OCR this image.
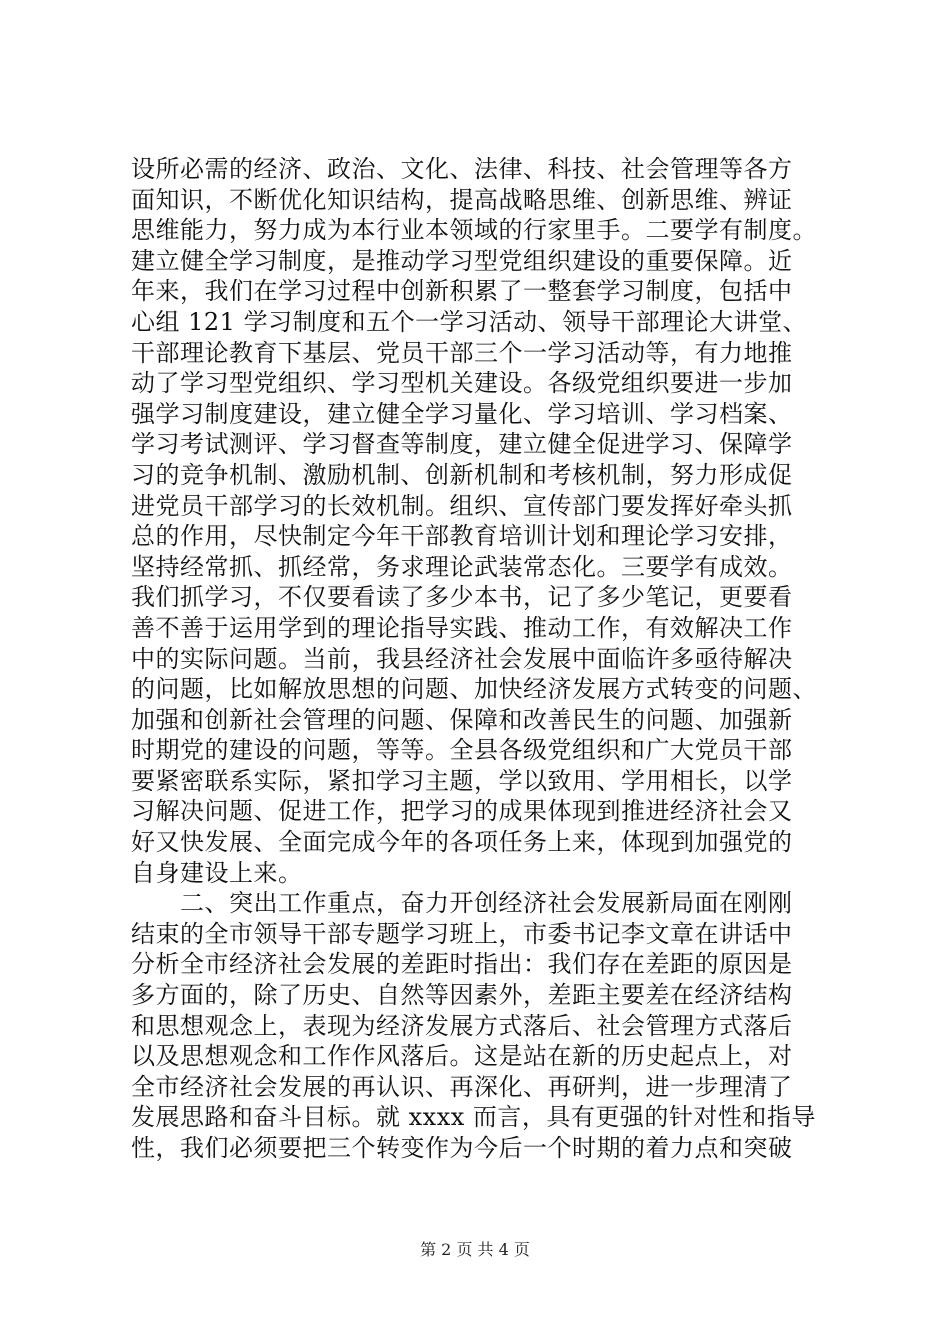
设所必需的经济、政治、文化、法律、科技、社会管理等各方
面知识，不断优化知识结构，提高战略思维、创新思维、辨证
思维能力，努力成为本行业本领域的行家里手。二要学有制度。
建立健全学习制度，是推动学习型党组织建设的重要保障。近
年来，我们在学习过程中创新积累了一整套学习制度，包括中
心组 121 学习制度和五个一学习活动、领导干部理论大讲堂、
干部理论教育下基层、党员干部三个一学习活动等，有力地推
动了学习型党组织、学习型机关建设。各级党组织要进一步加
强学习制度建设，建立健全学习量化、学习培训、学习档案、
学习考试测评、学习督查等制度，建立健全促进学习、保障学
习的竞争机制、激励机制、创新机制和考核机制，努力形成促
进党员干部学习的长效机制。组织、宣传部门要发挥好牵头抓
总的作用，尽快制定今年干部教育培训计划和理论学习安排，
坚持经常抓、抓经常，务求理论武装常态化。三要学有成效。
我们抓学习，不仅要看读了多少本书，记了多少笔记，更要看
善不善于运用学到的理论指导实践、推动工作，有效解决工作
中的实际问题。当前，我县经济社会发展中面临许多亟待解决
的问题，比如解放思想的问题、加快经济发展方式转变的问题、
加强和创新社会管理的问题、保障和改善民生的问题、加强新
时期党的建设的问题，等等。全县各级党组织和广大党员干部
要紧密联系实际，紧扣学习主题，学以致用、学用相长，以学
习解决问题、促进工作，把学习的成果体现到推进经济社会又
好又快发展、全面完成今年的各项任务上来，体现到加强党的
自身建设上来。
　　二、突出工作重点，奋力开创经济社会发展新局面在刚刚
结束的全市领导干部专题学习班上，市委书记李文章在讲话中
分析全市经济社会发展的差距时指出：我们存在差距的原因是
多方面的，除了历史、自然等因素外，差距主要差在经济结构
和思想观念上，表现为经济发展方式落后、社会管理方式落后
以及思想观念和工作作风落后。这是站在新的历史起点上，对
全市经济社会发展的再认识、再深化、再研判，进一步理清了
发展思路和奋斗目标。就 xxxx 而言，具有更强的针对性和指导
性，我们必须要把三个转变作为今后一个时期的着力点和突破
第 2 页 共 4 页
